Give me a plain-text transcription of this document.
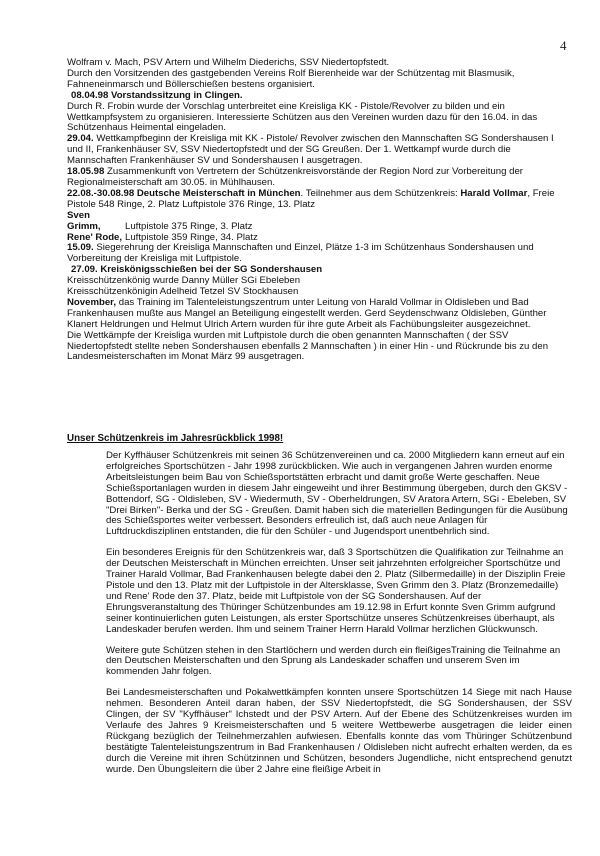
4

Wolfram v. Mach, PSV Artern und Wilhelm Diederichs, SSV Niedertopfstedt.

Durch den Vorsitzenden des gastgebenden Vereins Rolf Bierenheide war der Schützentag mit Blasmusik, Fahneneinmarsch und Böllerschießen bestens organisiert.

08.04.98 Vorstandssitzung in Clingen.

Durch R. Frobin wurde der Vorschlag unterbreitet eine Kreisliga KK - Pistole/Revolver zu bilden und ein Wettkampfsystem zu organisieren. Interessierte Schützen aus den Vereinen wurden dazu für den 16.04. in das Schützenhaus Heimental eingeladen.

29.04. Wettkampfbeginn der Kreisliga mit KK - Pistole/ Revolver zwischen den Mannschaften SG Sondershausen I und II, Frankenhäuser SV, SSV Niedertopfstedt und der SG Greußen. Der 1. Wettkampf wurde durch die Mannschaften Frankenhäuser SV und Sondershausen I ausgetragen.

18.05.98 Zusammenkunft von Vertretern der Schützenkreisvorstände der Region Nord zur Vorbereitung der Regionalmeisterschaft am 30.05. in Mühlhausen.

22.08.-30.08.98 Deutsche Meisterschaft in München. Teilnehmer aus dem Schützenkreis: Harald Vollmar, Freie Pistole 548 Ringe, 2. Platz Luftpistole 376 Ringe, 13. Platz

Sven Grimm,	Luftpistole 375 Ringe, 3. Platz

Rene' Rode, Luftpistole 359 Ringe, 34. Platz

15.09. Siegerehrung der Kreisliga Mannschaften und Einzel, Plätze 1-3 im Schützenhaus Sondershausen und Vorbereitung der Kreisliga mit Luftpistole.

27.09. Kreiskönigsschießen bei der SG Sondershausen

Kreisschützenkönig wurde Danny Müller SGi Ebeleben

Kreisschützenkönigin Adelheid Tetzel SV Stockhausen

November, das Training im Talenteleistungszentrum unter Leitung von Harald Vollmar in Oldisleben und Bad Frankenhausen mußte aus Mangel an Beteiligung eingestellt werden. Gerd Seydenschwanz Oldisleben, Günther Klanert Heldrungen und Helmut Ulrich Artern wurden für ihre gute Arbeit als Fachübungsleiter ausgezeichnet.

Die Wettkämpfe der Kreisliga wurden mit Luftpistole durch die oben genannten Mannschaften ( der SSV Niedertopfstedt stellte neben Sondershausen ebenfalls 2 Mannschaften ) in einer Hin - und Rückrunde bis zu den Landesmeisterschaften im Monat März 99 ausgetragen.

Unser Schützenkreis im Jahresrückblick 1998!

Der Kyffhäuser Schützenkreis mit seinen 36 Schützenvereinen und ca. 2000 Mitgliedern kann erneut auf ein erfolgreiches Sportschützen - Jahr 1998 zurückblicken. Wie auch in vergangenen Jahren wurden enorme Arbeitsleistungen beim Bau von Schießsportstätten erbracht und damit große Werte geschaffen. Neue Schießsportanlagen wurden in diesem Jahr eingeweiht und ihrer Bestimmung übergeben, durch den GKSV - Bottendorf, SG - Oldisleben, SV - Wiedermuth, SV - Oberheldrungen, SV Aratora Artern, SGi - Ebeleben, SV "Drei Birken"- Berka und der SG - Greußen. Damit haben sich die materiellen Bedingungen für die Ausübung des Schießsportes weiter verbessert. Besonders erfreulich ist, daß auch neue Anlagen für Luftdruckdisziplinen entstanden, die für den Schüler - und Jugendsport unentbehrlich sind.

Ein besonderes Ereignis für den Schützenkreis war, daß 3 Sportschützen die Qualifikation zur Teilnahme an der Deutschen Meisterschaft in München erreichten. Unser seit jahrzehnten erfolgreicher Sportschütze und Trainer Harald Vollmar, Bad Frankenhausen belegte dabei den 2. Platz (Silbermedaille) in der Disziplin Freie Pistole und den 13. Platz mit der Luftpistole in der Altersklasse, Sven Grimm den 3. Platz (Bronzemedaille) und Rene' Rode den 37. Platz, beide mit Luftpistole von der SG Sondershausen. Auf der Ehrungsveranstaltung des Thüringer Schützenbundes am 19.12.98 in Erfurt konnte Sven Grimm aufgrund seiner kontinuierlichen guten Leistungen, als erster Sportschütze unseres Schützenkreises überhaupt, als Landeskader berufen werden. Ihm und seinem Trainer Herrn Harald Vollmar herzlichen Glückwunsch.

Weitere gute Schützen stehen in den Startlöchern und werden durch ein fleißigesTraining die Teilnahme an den Deutschen Meisterschaften und den Sprung als Landeskader schaffen und unserem Sven im kommenden Jahr folgen.

Bei Landesmeisterschaften und Pokalwettkämpfen konnten unsere Sportschützen 14 Siege mit nach Hause nehmen. Besonderen Anteil daran haben, der SSV Niedertopfstedt, die SG Sondershausen, der SSV Clingen, der SV "Kyffhäuser" Ichstedt und der PSV Artern. Auf der Ebene des Schützenkreises wurden im Verlaufe des Jahres 9 Kreismeisterschaften und 5 weitere Wettbewerbe ausgetragen die leider einen Rückgang bezüglich der Teilnehmerzahlen aufwiesen. Ebenfalls konnte das vom Thüringer Schützenbund bestätigte Talenteleistungszentrum in Bad Frankenhausen / Oldisleben nicht aufrecht erhalten werden, da es durch die Vereine mit ihren Schützinnen und Schützen, besonders Jugendliche, nicht entsprechend genutzt wurde. Den Übungsleitern die über 2 Jahre eine fleißige Arbeit in
